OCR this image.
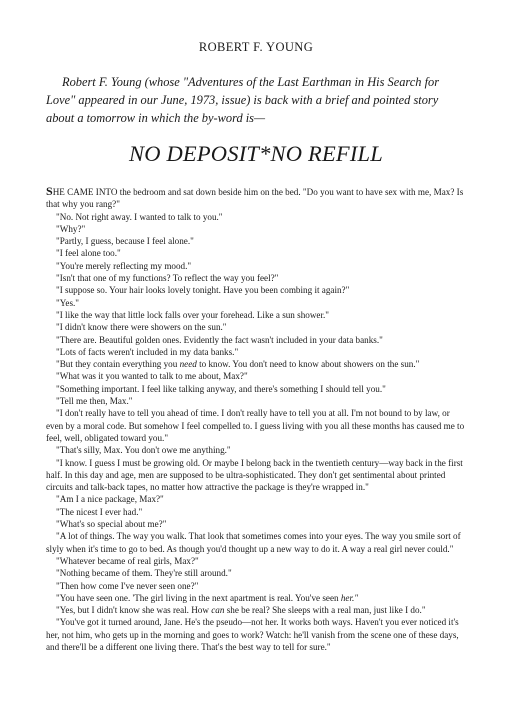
ROBERT F. YOUNG

Robert F. Young (whose "Adventures of the Last Earthman in His Search for Love" appeared in our June, 1973, issue) is back with a brief and pointed story about a tomorrow in which the by-word is—

NO DEPOSIT*NO REFILL

SHE CAME INTO the bedroom and sat down beside him on the bed. "Do you want to have sex with me, Max? Is that why you rang?"

"No. Not right away. I wanted to talk to you."

"Why?"

"Partly, I guess, because I feel alone."

"I feel alone too."

"You're merely reflecting my mood."

"Isn't that one of my functions? To reflect the way you feel?"

"I suppose so. Your hair looks lovely tonight. Have you been combing it again?"

"Yes."

"I like the way that little lock falls over your forehead. Like a sun shower."

"I didn't know there were showers on the sun."

"There are. Beautiful golden ones. Evidently the fact wasn't included in your data banks."

"Lots of facts weren't included in my data banks."

"But they contain everything you need to know. You don't need to know about showers on the sun."

"What was it you wanted to talk to me about, Max?"

"Something important. I feel like talking anyway, and there's something I should tell you."

"Tell me then, Max."

"I don't really have to tell you ahead of time. I don't really have to tell you at all. I'm not bound to by law, or even by a moral code. But somehow I feel compelled to. I guess living with you all these months has caused me to feel, well, obligated toward you."

"That's silly, Max. You don't owe me anything."

"I know. I guess I must be growing old. Or maybe I belong back in the twentieth century—way back in the first half. In this day and age, men are supposed to be ultra-sophisticated. They don't get sentimental about printed circuits and talk-back tapes, no matter how attractive the package is they're wrapped in."

"Am I a nice package, Max?"

"The nicest I ever had."

"What's so special about me?"

"A lot of things. The way you walk. That look that sometimes comes into your eyes. The way you smile sort of slyly when it's time to go to bed. As though you'd thought up a new way to do it. A way a real girl never could."

"Whatever became of real girls, Max?"

"Nothing became of them. They're still around."

"Then how come I've never seen one?"

"You have seen one. 'The girl living in the next apartment is real. You've seen her."

"Yes, but I didn't know she was real. How can she be real? She sleeps with a real man, just like I do."

"You've got it turned around, Jane. He's the pseudo—not her. It works both ways. Haven't you ever noticed it's her, not him, who gets up in the morning and goes to work? Watch: he'll vanish from the scene one of these days, and there'll be a different one living there. That's the best way to tell for sure."
